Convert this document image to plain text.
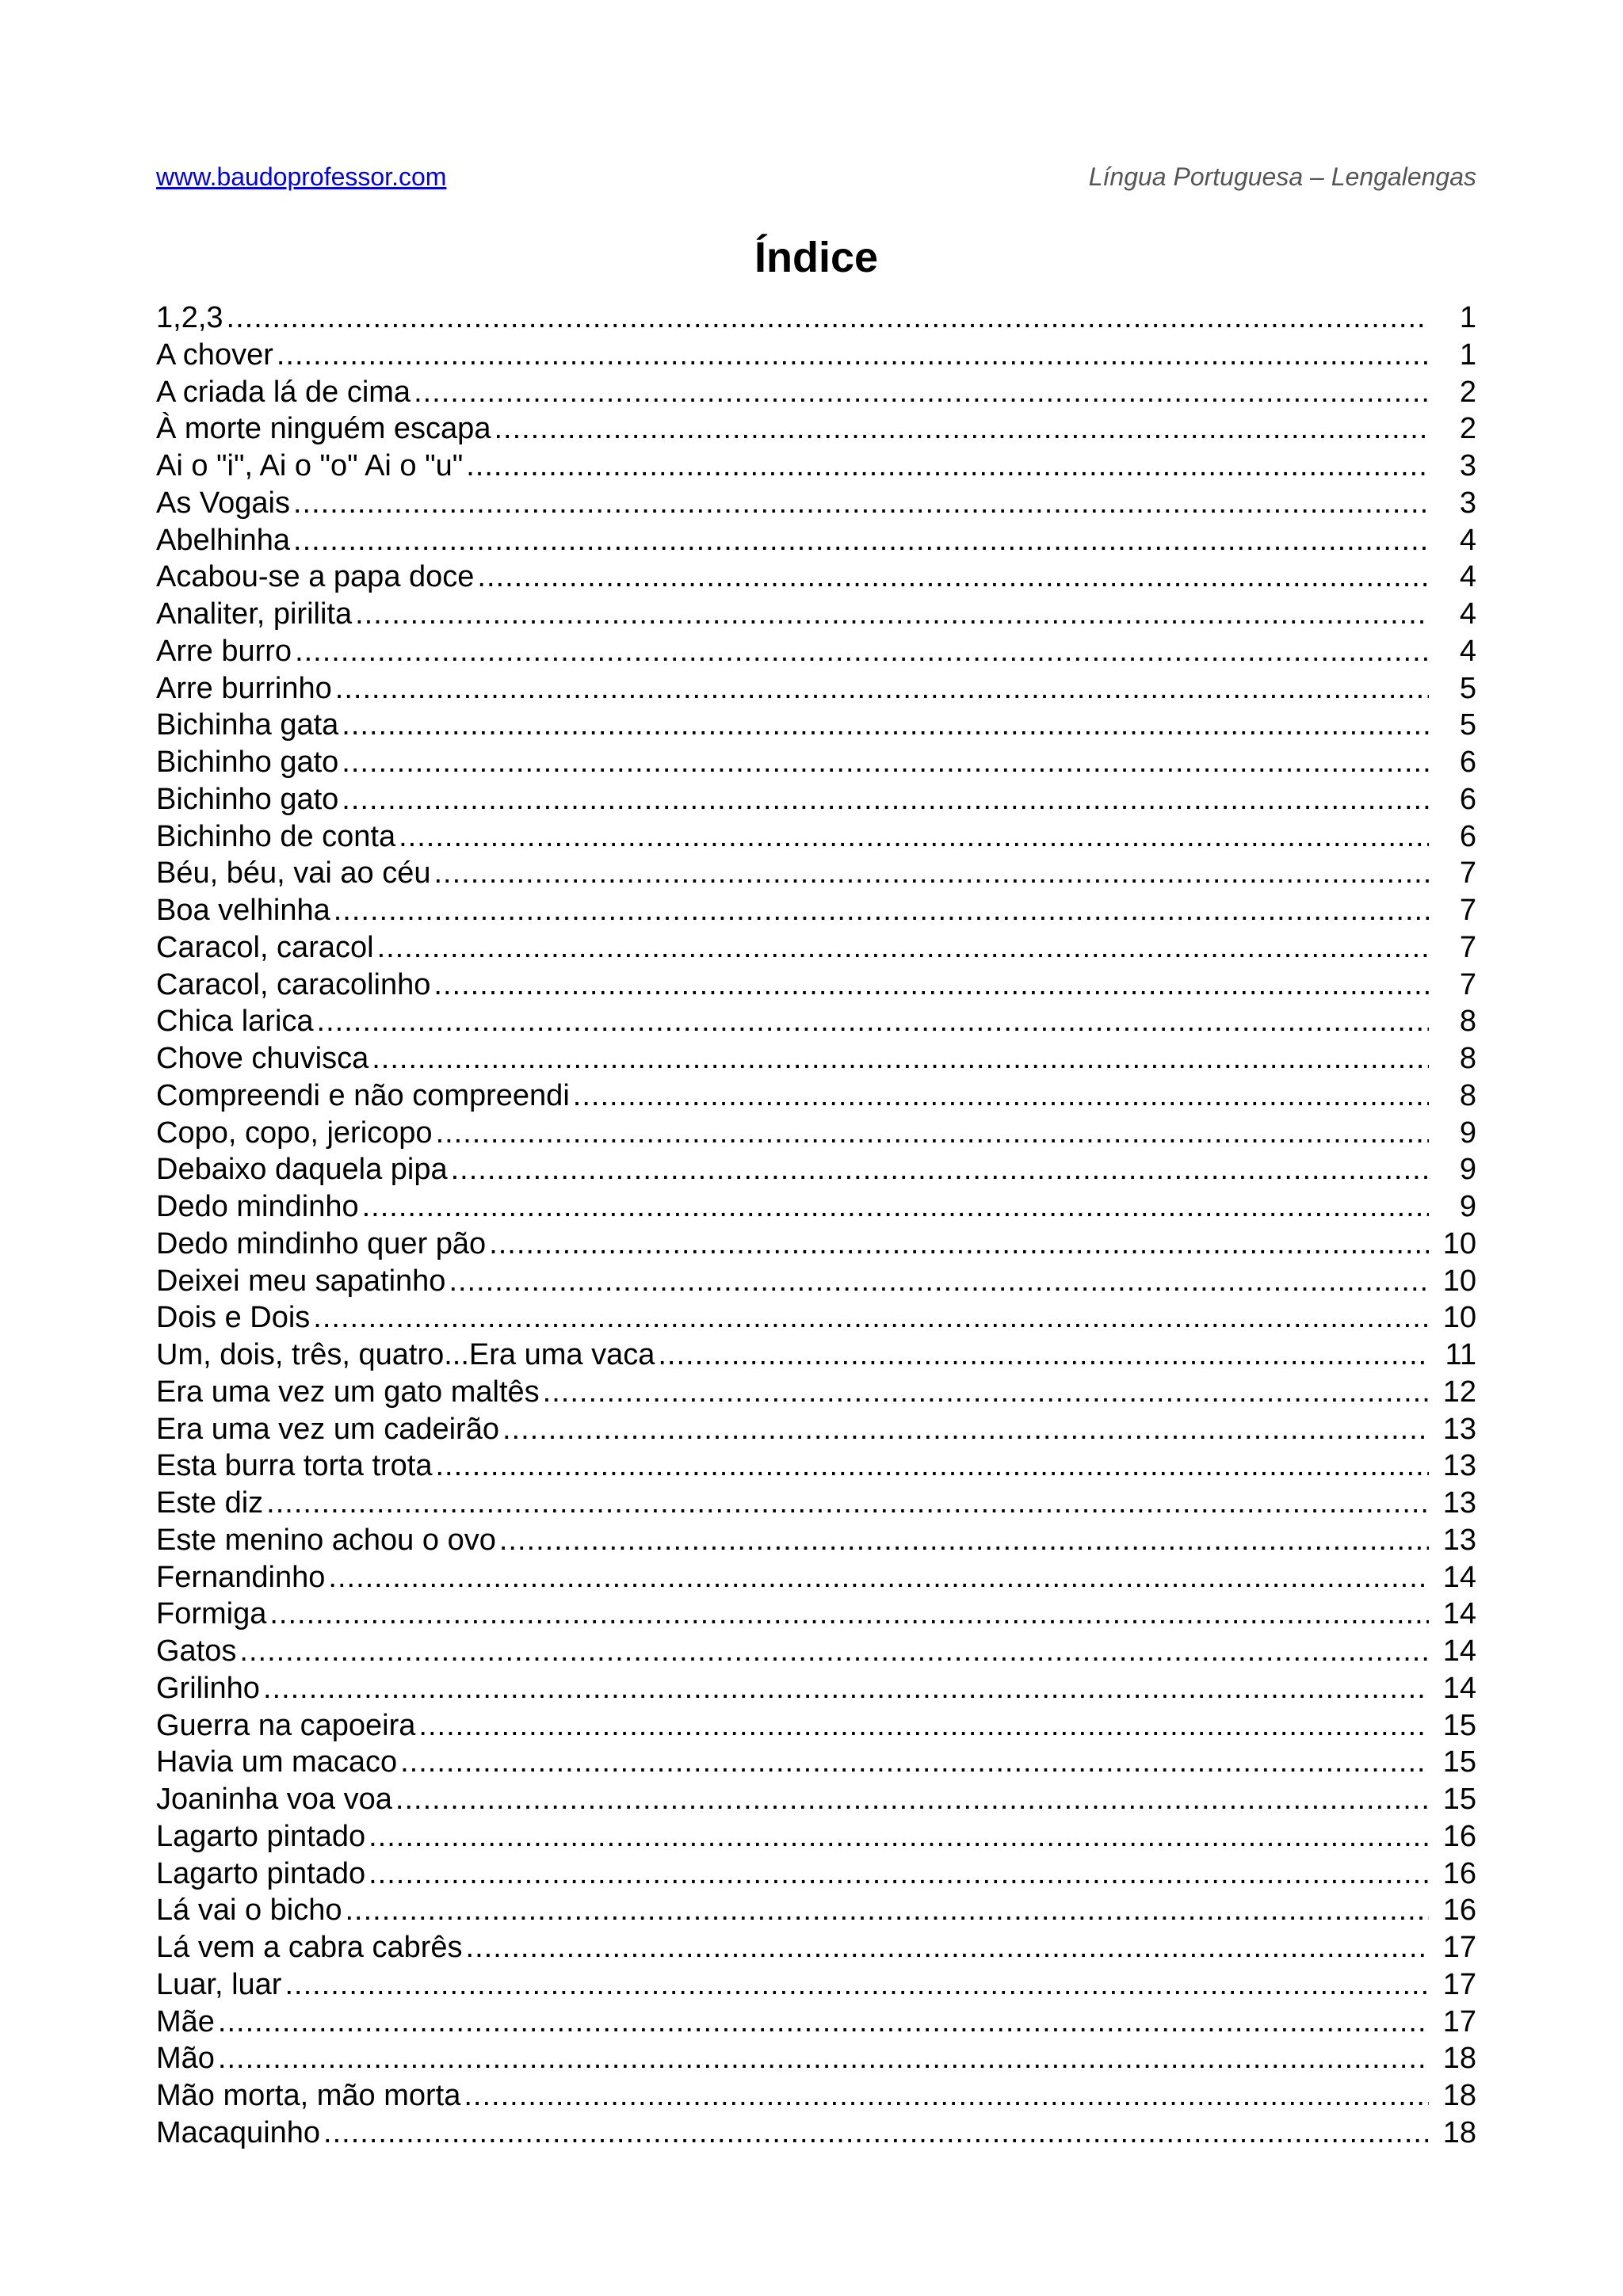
www.baudoprofessor.com	Língua Portuguesa – Lengalengas
Índice
1,2,3 .....	1
A chover .....	1
A criada lá de cima .....	2
À morte ninguém escapa .....	2
Ai o "i", Ai o "o" Ai o "u" .....	3
As Vogais .....	3
Abelhinha .....	4
Acabou-se a papa doce .....	4
Analiter, pirilita .....	4
Arre burro .....	4
Arre burrinho .....	5
Bichinha gata .....	5
Bichinho gato .....	6
Bichinho gato .....	6
Bichinho de conta .....	6
Béu, béu, vai ao céu .....	7
Boa velhinha .....	7
Caracol, caracol .....	7
Caracol, caracolinho .....	7
Chica larica .....	8
Chove chuvisca .....	8
Compreendi e não compreendi .....	8
Copo, copo, jericopo .....	9
Debaixo daquela pipa .....	9
Dedo mindinho .....	9
Dedo mindinho quer pão .....	10
Deixei meu sapatinho .....	10
Dois e Dois .....	10
Um, dois, três, quatro...Era uma vaca .....	11
Era uma vez um gato maltês .....	12
Era uma vez um cadeirão .....	13
Esta burra torta trota .....	13
Este diz .....	13
Este menino achou o ovo .....	13
Fernandinho .....	14
Formiga .....	14
Gatos .....	14
Grilinho .....	14
Guerra na capoeira .....	15
Havia um macaco .....	15
Joaninha voa voa .....	15
Lagarto pintado .....	16
Lagarto pintado .....	16
Lá vai o bicho .....	16
Lá vem a cabra cabrês .....	17
Luar, luar .....	17
Mãe .....	17
Mão .....	18
Mão morta, mão morta .....	18
Macaquinho .....	18
